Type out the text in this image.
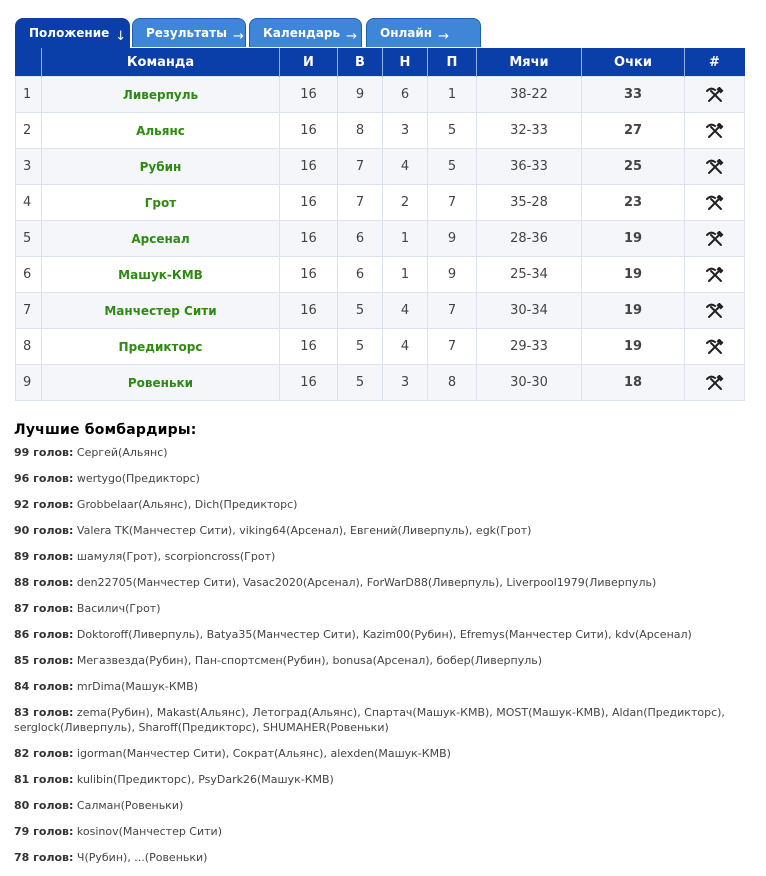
Положение ↓	Результаты →	Календарь →	Онлайн →
	Команда	И	В	Н	П	Мячи	Очки	#
1	Ливерпуль	16	9	6	1	38-22	33	
2	Альянс	16	8	3	5	32-33	27	
3	Рубин	16	7	4	5	36-33	25	
4	Грот	16	7	2	7	35-28	23	
5	Арсенал	16	6	1	9	28-36	19	
6	Машук-КМВ	16	6	1	9	25-34	19	
7	Манчестер Сити	16	5	4	7	30-34	19	
8	Предикторс	16	5	4	7	29-33	19	
9	Ровеньки	16	5	3	8	30-30	18	
Лучшие бомбардиры:
99 голов: Сергей(Альянс)
96 голов: wertygo(Предикторс)
92 голов: Grobbelaar(Альянс), Dich(Предикторс)
90 голов: Valera TK(Манчестер Сити), viking64(Арсенал), Евгений(Ливерпуль), egk(Грот)
89 голов: шамуля(Грот), scorpioncross(Грот)
88 голов: den22705(Манчестер Сити), Vasac2020(Арсенал), ForWarD88(Ливерпуль), Liverpool1979(Ливерпуль)
87 голов: Василич(Грот)
86 голов: Doktoroff(Ливерпуль), Batya35(Манчестер Сити), Kazim00(Рубин), Efremys(Манчестер Сити), kdv(Арсенал)
85 голов: Мегазвезда(Рубин), Пан-спортсмен(Рубин), bonusa(Арсенал), бобер(Ливерпуль)
84 голов: mrDima(Машук-КМВ)
83 голов: zema(Рубин), Makast(Альянс), Летоград(Альянс), Спартач(Машук-КМВ), MOST(Машук-КМВ), Aldan(Предикторс), serglock(Ливерпуль), Sharoff(Предикторс), SHUMAHER(Ровеньки)
82 голов: igorman(Манчестер Сити), Сократ(Альянс), alexden(Машук-КМВ)
81 голов: kulibin(Предикторс), PsyDark26(Машук-КМВ)
80 голов: Салман(Ровеньки)
79 голов: kosinov(Манчестер Сити)
78 голов: Ч(Рубин), ...(Ровеньки)
